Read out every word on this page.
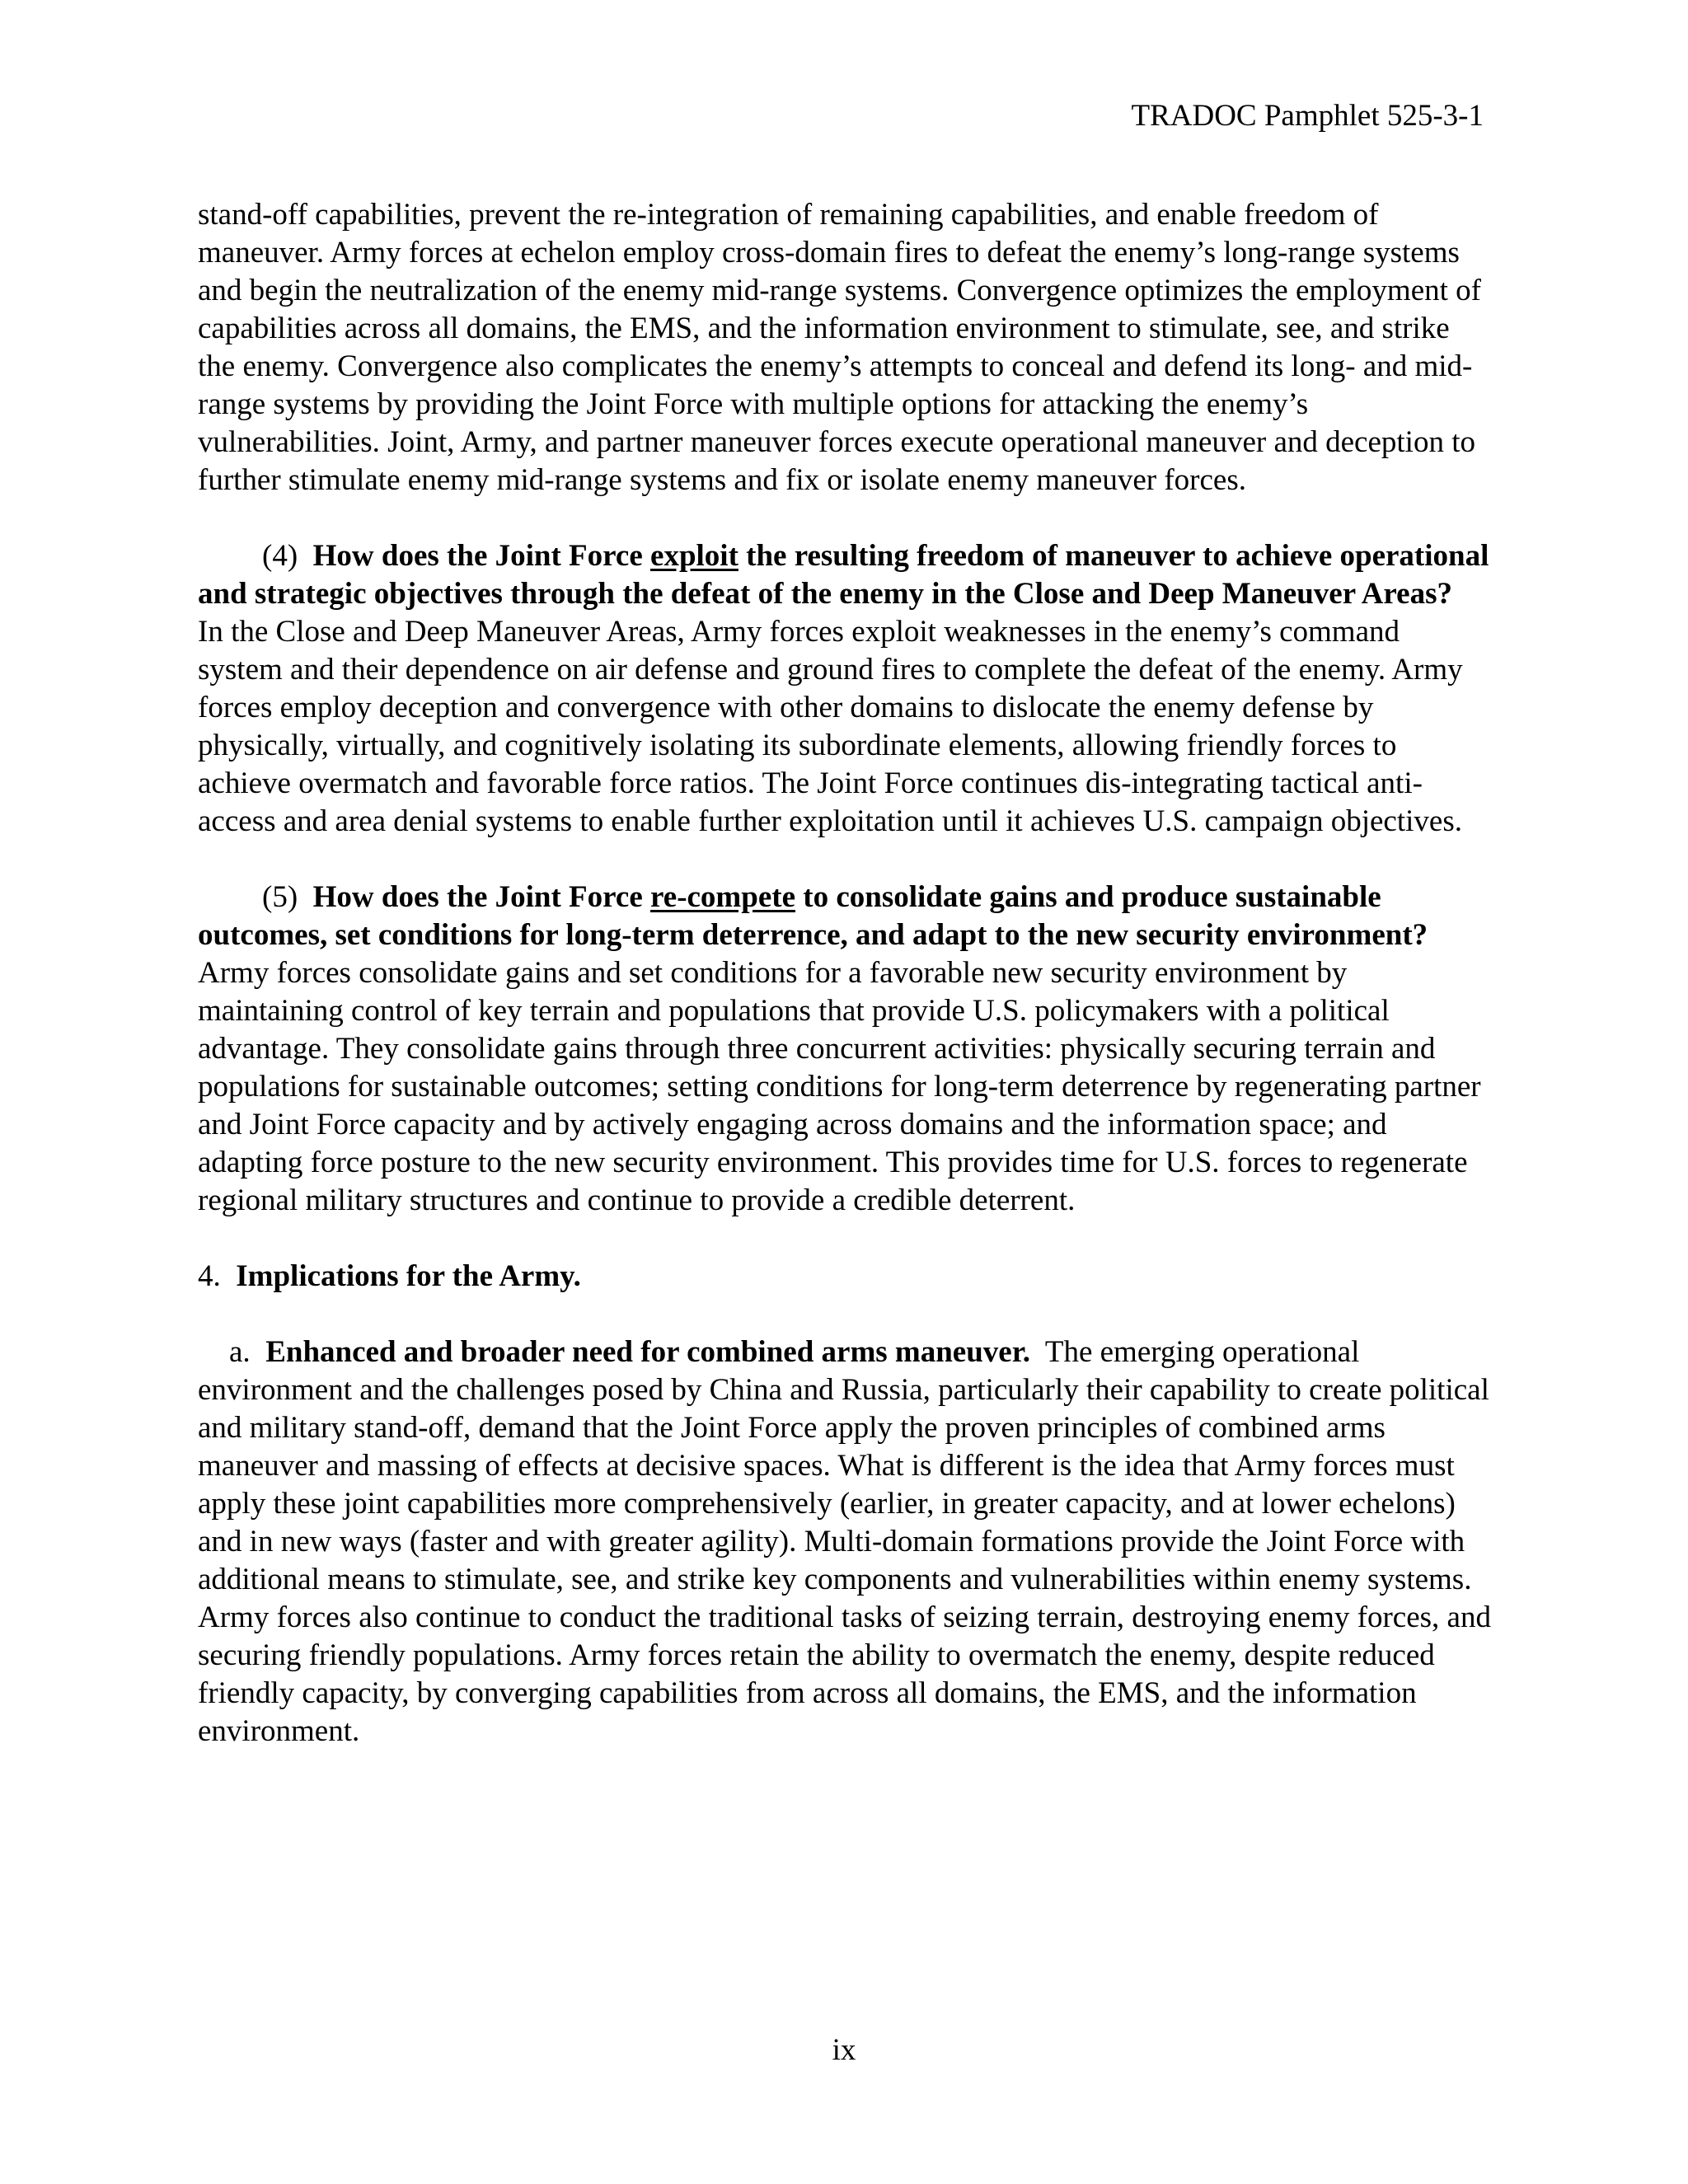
TRADOC Pamphlet 525-3-1

stand-off capabilities, prevent the re-integration of remaining capabilities, and enable freedom of maneuver. Army forces at echelon employ cross-domain fires to defeat the enemy’s long-range systems and begin the neutralization of the enemy mid-range systems. Convergence optimizes the employment of capabilities across all domains, the EMS, and the information environment to stimulate, see, and strike the enemy. Convergence also complicates the enemy’s attempts to conceal and defend its long- and mid-range systems by providing the Joint Force with multiple options for attacking the enemy’s vulnerabilities. Joint, Army, and partner maneuver forces execute operational maneuver and deception to further stimulate enemy mid-range systems and fix or isolate enemy maneuver forces.

(4) How does the Joint Force exploit the resulting freedom of maneuver to achieve operational and strategic objectives through the defeat of the enemy in the Close and Deep Maneuver Areas?  In the Close and Deep Maneuver Areas, Army forces exploit weaknesses in the enemy’s command system and their dependence on air defense and ground fires to complete the defeat of the enemy. Army forces employ deception and convergence with other domains to dislocate the enemy defense by physically, virtually, and cognitively isolating its subordinate elements, allowing friendly forces to achieve overmatch and favorable force ratios. The Joint Force continues dis-integrating tactical anti-access and area denial systems to enable further exploitation until it achieves U.S. campaign objectives.

(5) How does the Joint Force re-compete to consolidate gains and produce sustainable outcomes, set conditions for long-term deterrence, and adapt to the new security environment?  Army forces consolidate gains and set conditions for a favorable new security environment by maintaining control of key terrain and populations that provide U.S. policymakers with a political advantage. They consolidate gains through three concurrent activities: physically securing terrain and populations for sustainable outcomes; setting conditions for long-term deterrence by regenerating partner and Joint Force capacity and by actively engaging across domains and the information space; and adapting force posture to the new security environment. This provides time for U.S. forces to regenerate regional military structures and continue to provide a credible deterrent.

4. Implications for the Army.

a. Enhanced and broader need for combined arms maneuver. The emerging operational environment and the challenges posed by China and Russia, particularly their capability to create political and military stand-off, demand that the Joint Force apply the proven principles of combined arms maneuver and massing of effects at decisive spaces. What is different is the idea that Army forces must apply these joint capabilities more comprehensively (earlier, in greater capacity, and at lower echelons) and in new ways (faster and with greater agility). Multi-domain formations provide the Joint Force with additional means to stimulate, see, and strike key components and vulnerabilities within enemy systems. Army forces also continue to conduct the traditional tasks of seizing terrain, destroying enemy forces, and securing friendly populations. Army forces retain the ability to overmatch the enemy, despite reduced friendly capacity, by converging capabilities from across all domains, the EMS, and the information environment.

ix
